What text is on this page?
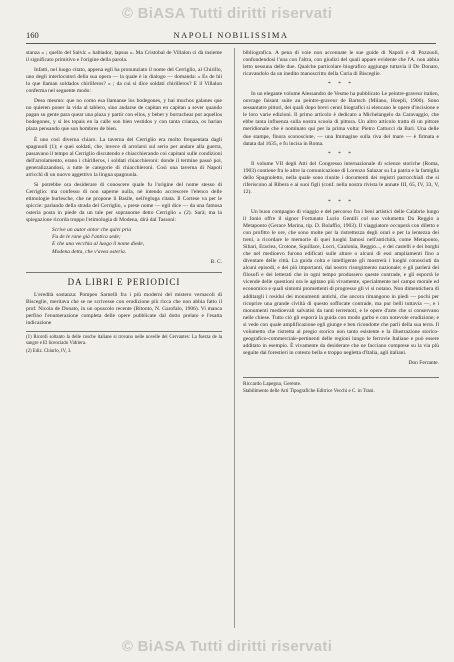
© BiASA Tutti diritti riservati
160	NAPOLI NOBILISSIMA

stanza » ; quello del Salvà: « hablador, lapsus ». Ma Cristobal de Villalon ci dà insieme il significato primitivo e l'origine della parola.

Infatti, nel luogo citato, appena egli ha pronunziato il nome del Cerriglio, al Chirillo, uno degli interlocutori della sua opera — la quale è in dialogo — domanda: « Es de hii lo que llaman soldados chirilleros? » ; da cui si dice soldati chirilleros? E il Villalon conferma nel seguente modo:

Deso mesmo: que no como esa llamanse los bodegones, y hai muchos galanes que no quieren poner la vida al tablero, sino andarse de capitan en capitan a sever quando pagan su gente para quear una plaza y partir con ellos, y beber y borrachear por aquellos bodegones, y si les topais en la calle son bien vestidos y con tanta crianza, os harian plaza pensando que son hombres de bien.

È uno così diverna chiaro. La taverna del Cerriglio era molto frequentata dagli spagnuoli (1); e quei soldati, che, invece di arrolarsi sul serio per andare alla guerra, passavano il tempo al Cerriglio discutendo e chiacchierando coi capitani sulle condizioni dell'arrolamento, erano i chirilleros, i soldati chiacchieroni: donde il termine passò poi, generalizzandosi, a tutte le categorie di chiacchieroni. Così una taverna di Napoli arricchì di un nuovo aggettivo la lingua spagnuola.

Si potrebbe ora desiderare di conoscere quale fu l'origine del nome stesso di Cerriglio: ma confesso di non saperne nulla, nè intendo accrescere l'elenco delle etimologie burlesche, che ne propone il Basile, nell'egloga citata. Il Cortese va per le spiccie: parlando della strada del Cerriglio, « prese nome — egli dice — da una famosa osteria posta in piede da un tale per sopranome detto Cerriglio » (2). Sarà; ma la spiegazione ricorda troppo l'etimologia di Modena, dirà dal Tassoni:

Scrive un autor antor che quivi pria
Fu de le rane già l'antica sede;
E che una vecchia al luogo il nome diede,
Modena detta, che v'avea osteria.
B. C.
DA LIBRI E PERIODICI

L'eredità sostanza: Pompeo Sarnelli fra i più moderni del mistero vernacoli di Bisceglie, meritava che se ne scrivesse con erudizione più ricca che non abbia fatto il prof. Nicola de Donato, in un opuscolo recente (Bitonto, N. Garofalo, 1906). Vi manca perfino l'enumerazione completa delle opere pubblicate dal dotto prelato e l'esatta indicazione

(1) Ricordi soltanto la delle cosche italiane si trovano nelle novelle del Cervantes: La fuerza de la sangre e El licenciado Vidriera.
(2) Ediz. Chiurlo, IV, 3.

bibliografica. A pena di voie non accennate le sue guide di Napoli e di Pozzuoli, confondendosi l'una con l'altra, con giudizi del quali appare evidente che l'A. non abbia letto nessuna delle due. Qualche particolare biografico aggiunge tuttavia il De Donato, ricavandolo da un inedito manoscritto della Curia di Bisceglie.

* * *

In un elegante volume Alessandro de Vesme ha pubblicato Le peintre-graveur italien, ouvrage faisant suite au peintre-graveur de Bartsch (Milano, Hoepli, 1906). Sono sessantatre pittori, dei quali dopo brevi cenni biografici si elencano le opere d'incisione e le loro varie edizioni. Il primo articolo è dedicato a Michelangelo da Caravaggio, che ebbe tanta influenza sulla nostra scuola di pittura. Un altro articolo tratta di un pittore meridionale che è nominato qui per la prima volta: Pietro Cattucci da Bari. Una delle due stampe, finora sconosciute, — una Immagine sulla riva del mare — è firmata e datata dal 1635, e fu incisa in Roma.

* * *

Il volume VII degli Atti del Congresso internazionale di scienze storiche (Roma, 1903) contiene fra le altre la comunicazione di Lorenzo Salazar su La patria e la famiglia dello Spagnoletto, nella quale sono riunite i documenti dei registri parrocchiali che si riferiscono al Ribera e ai suoi figli (conf. nella nostra rivista le annate III, 65, IV, 33, V, 12).

* * *

Un buon compagno di viaggio e del percorso fra i beni artistici delle Calabrie lungo il Jonio offre il signor Fortunato Lucio Gentili col suo volumetto Da Reggio a Metaponto (Gerace Marina, tip. D. Bolaffio, 1903). Il viaggiatore occuperà con diletto e con profitto le ore, che sono molte per la ristrettezza degli orari e per la lentezza dei treni, a ricordare le memorie di quei luoghi famosi nell'antichità, come Metaponto, Sibari, Eraclea, Crotone, Squillace, Locri, Caulonia, Reggio..., e dei castelli e dei borghi che nel medioevo furono edificati sulle alture o alcuni di essi ampliamenti fino a diventare delle città. La guida colta e intelligente gli mostrerà i luoghi conosciuti da alcuni episodi, e dei più importanti, dal nostro risorgimento nazionale; e gli parlerà dei filosofi e dei letterati che in ogni tempo produssero queste contrade, e gli esporrà le vicende delle questioni ora le agitano più vivamente, specialmente nel campo morale ed economico e quali sintomi promettenti di progresso gli vi si notano. Non dimentichera di additargli i residui dei monumenti antichi, che ancora rimangono in piedi — pochi per ricoprire una grande civiltà di questo soffocate contrade, ma pur belli tuttavia —, e i monumenti medioevali salvatisi da tanti terremoti, e le opere d'arte che si conservano nelle chiese. Tutto ciò gli esporrà la guida con modo garbo e con notevole erudizione; e si vede con quale amplificazione egli giunge e ben ricondotte che parli della sua terra. Il volumetto che ristretta al pregio storico non tanto esistente e la illustrazione storico-geografico-commerciale-pertinenti delle regioni lungo le ferrovie Italiane e può essere additato in esempio. È vivamente da desiderare che ne facciano comprese su la via più seguite dai forestieri in cotesto bella e troppo negletta d'Italia, agli italiani.

Don Ferrante.
Riccardo Lapegna, Gerente.
Stabilimento delle Arti Tipografiche Editrice Vecchi e C. in Trani.
© BiASA Tutti diritti riservati
